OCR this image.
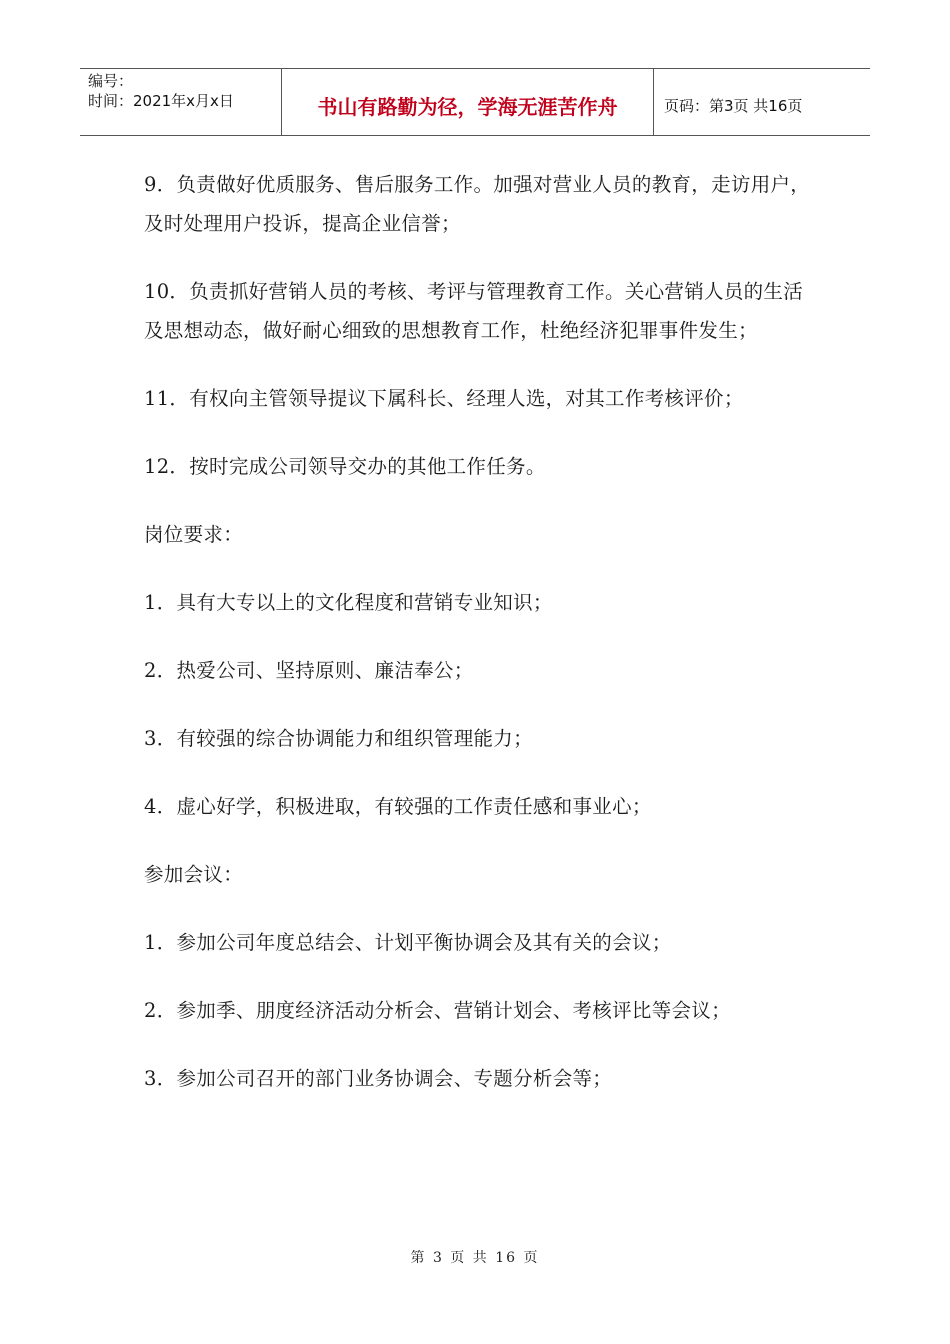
编号：
时间：2021年x月x日	书山有路勤为径，学海无涯苦作舟	页码：第3页 共16页

9．负责做好优质服务、售后服务工作。加强对营业人员的教育，走访用户，及时处理用户投诉，提高企业信誉；

10．负责抓好营销人员的考核、考评与管理教育工作。关心营销人员的生活及思想动态，做好耐心细致的思想教育工作，杜绝经济犯罪事件发生；

11．有权向主管领导提议下属科长、经理人选，对其工作考核评价；

12．按时完成公司领导交办的其他工作任务。

岗位要求：

1．具有大专以上的文化程度和营销专业知识；

2．热爱公司、坚持原则、廉洁奉公；

3．有较强的综合协调能力和组织管理能力；

4．虚心好学，积极进取，有较强的工作责任感和事业心；

参加会议：

1．参加公司年度总结会、计划平衡协调会及其有关的会议；

2．参加季、朋度经济活动分析会、营销计划会、考核评比等会议；

3．参加公司召开的部门业务协调会、专题分析会等；

第 3 页 共 16 页
